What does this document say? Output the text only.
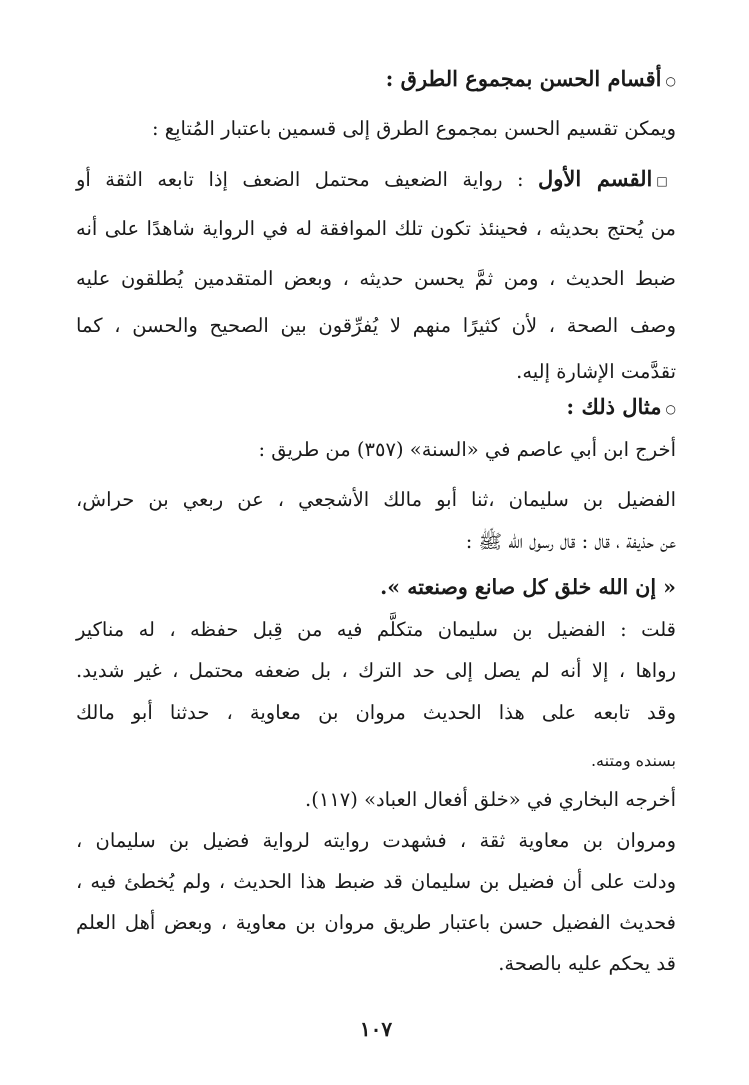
○أقسام الحسن بمجموع الطرق :
ويمكن تقسيم الحسن بمجموع الطرق إلى قسمين باعتبار المُتابِع :
□القسم الأول : رواية الضعيف محتمل الضعف إذا تابعه الثقة أو
من يُحتج بحديثه ، فحينئذ تكون تلك الموافقة له في الرواية شاهدًا على أنه
ضبط الحديث ، ومن ثمَّ يحسن حديثه ، وبعض المتقدمين يُطلقون عليه
وصف الصحة ، لأن كثيرًا منهم لا يُفرِّقون بين الصحيح والحسن ، كما
تقدَّمت الإشارة إليه.
○مثال ذلك :
أخرج ابن أبي عاصم في «السنة» (٣٥٧) من طريق :
الفضيل بن سليمان ،ثنا أبو مالك الأشجعي ، عن ربعي بن حراش،
عن حذيفة ، قال : قال رسول الله ﷺ :
« إن الله خلق كل صانع وصنعته ».
قلت : الفضيل بن سليمان متكلَّم فيه من قِبل حفظه ، له مناكير
رواها ، إلا أنه لم يصل إلى حد الترك ، بل ضعفه محتمل ، غير شديد.
وقد تابعه على هذا الحديث مروان بن معاوية ، حدثنا أبو مالك
بسنده ومتنه.
أخرجه البخاري في «خلق أفعال العباد» (١١٧).
ومروان بن معاوية ثقة ، فشهدت روايته لرواية فضيل بن سليمان ،
ودلت على أن فضيل بن سليمان قد ضبط هذا الحديث ، ولم يُخطئ فيه ،
فحديث الفضيل حسن باعتبار طريق مروان بن معاوية ، وبعض أهل العلم
قد يحكم عليه بالصحة.
١٠٧
